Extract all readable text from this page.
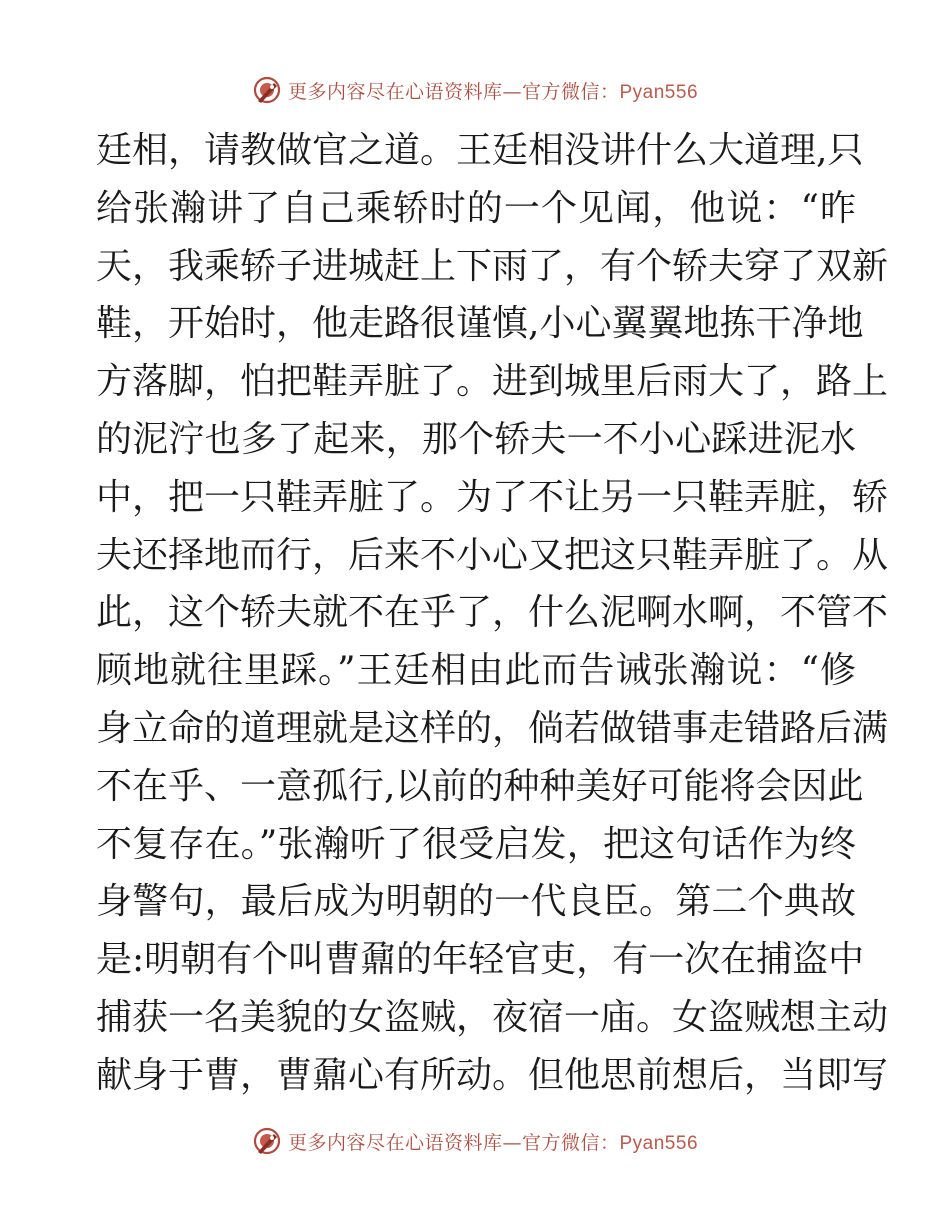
更多内容尽在心语资料库—官方微信：Pyan556
廷相，请教做官之道。王廷相没讲什么大道理,只
给张瀚讲了自己乘轿时的一个见闻，他说：“昨
天，我乘轿子进城赶上下雨了，有个轿夫穿了双新
鞋，开始时，他走路很谨慎,小心翼翼地拣干净地
方落脚，怕把鞋弄脏了。进到城里后雨大了，路上
的泥泞也多了起来，那个轿夫一不小心踩进泥水
中，把一只鞋弄脏了。为了不让另一只鞋弄脏，轿
夫还择地而行，后来不小心又把这只鞋弄脏了。从
此，这个轿夫就不在乎了，什么泥啊水啊，不管不
顾地就往里踩。”王廷相由此而告诫张瀚说：“修
身立命的道理就是这样的，倘若做错事走错路后满
不在乎、一意孤行,以前的种种美好可能将会因此
不复存在。”张瀚听了很受启发，把这句话作为终
身警句，最后成为明朝的一代良臣。第二个典故
是:明朝有个叫曹鼐的年轻官吏，有一次在捕盗中
捕获一名美貌的女盗贼，夜宿一庙。女盗贼想主动
献身于曹，曹鼐心有所动。但他思前想后，当即写
更多内容尽在心语资料库—官方微信：Pyan556
